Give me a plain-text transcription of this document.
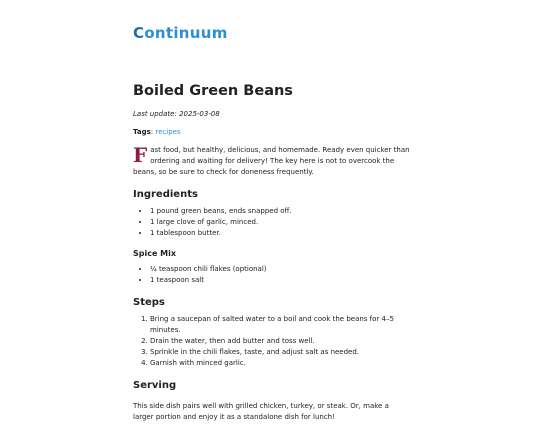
Continuum
Boiled Green Beans
Last update: 2025-03-08
Tags: recipes

Fast food, but healthy, delicious, and homemade. Ready even quicker than ordering and waiting for delivery! The key here is not to overcook the beans, so be sure to check for doneness frequently.

Ingredients
• 1 pound green beans, ends snapped off.
• 1 large clove of garlic, minced.
• 1 tablespoon butter.
Spice Mix
• ¼ teaspoon chili flakes (optional)
• 1 teaspoon salt
Steps
1. Bring a saucepan of salted water to a boil and cook the beans for 4–5 minutes.
2. Drain the water, then add butter and toss well.
3. Sprinkle in the chili flakes, taste, and adjust salt as needed.
4. Garnish with minced garlic.
Serving

This side dish pairs well with grilled chicken, turkey, or steak. Or, make a larger portion and enjoy it as a standalone dish for lunch!
